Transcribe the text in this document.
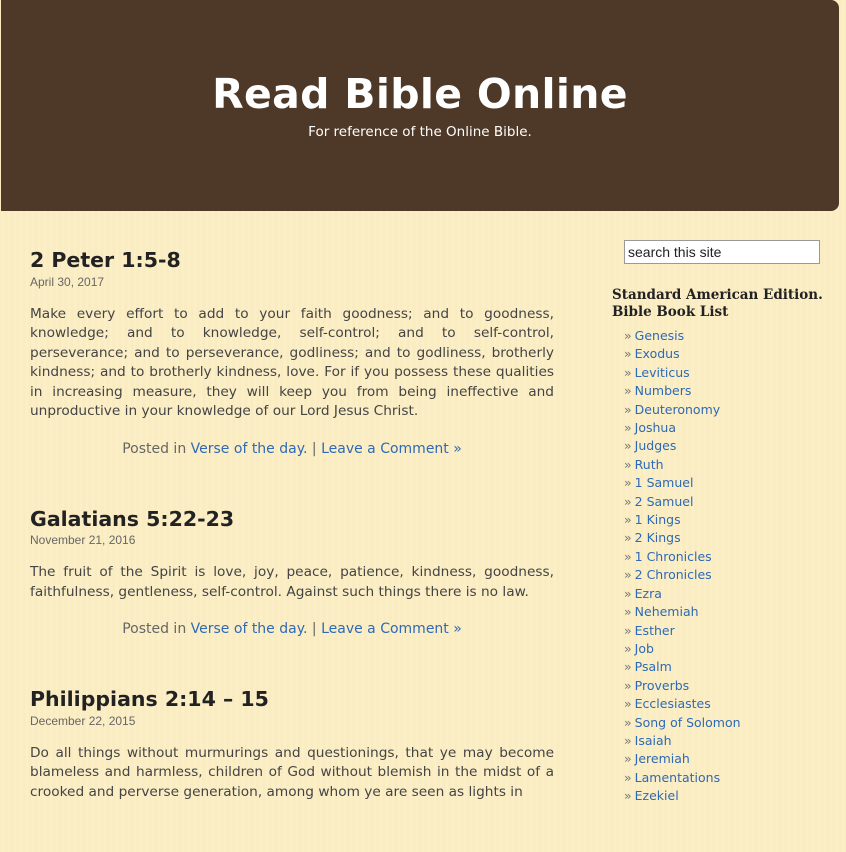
Read Bible Online
For reference of the Online Bible.
2 Peter 1:5-8
April 30, 2017

Make every effort to add to your faith goodness; and to goodness, knowledge; and to knowledge, self-control; and to self-control, perseverance; and to perseverance, godliness; and to godliness, brotherly kindness; and to brotherly kindness, love. For if you possess these qualities in increasing measure, they will keep you from being ineffective and unproductive in your knowledge of our Lord Jesus Christ.

Posted in Verse of the day. | Leave a Comment »
Galatians 5:22-23
November 21, 2016

The fruit of the Spirit is love, joy, peace, patience, kindness, goodness, faithfulness, gentleness, self-control. Against such things there is no law.

Posted in Verse of the day. | Leave a Comment »
Philippians 2:14 – 15
December 22, 2015

Do all things without murmurings and questionings, that ye may become blameless and harmless, children of God without blemish in the midst of a crooked and perverse generation, among whom ye are seen as lights in

search this site
Standard American Edition.
Bible Book List
» Genesis
» Exodus
» Leviticus
» Numbers
» Deuteronomy
» Joshua
» Judges
» Ruth
» 1 Samuel
» 2 Samuel
» 1 Kings
» 2 Kings
» 1 Chronicles
» 2 Chronicles
» Ezra
» Nehemiah
» Esther
» Job
» Psalm
» Proverbs
» Ecclesiastes
» Song of Solomon
» Isaiah
» Jeremiah
» Lamentations
» Ezekiel
